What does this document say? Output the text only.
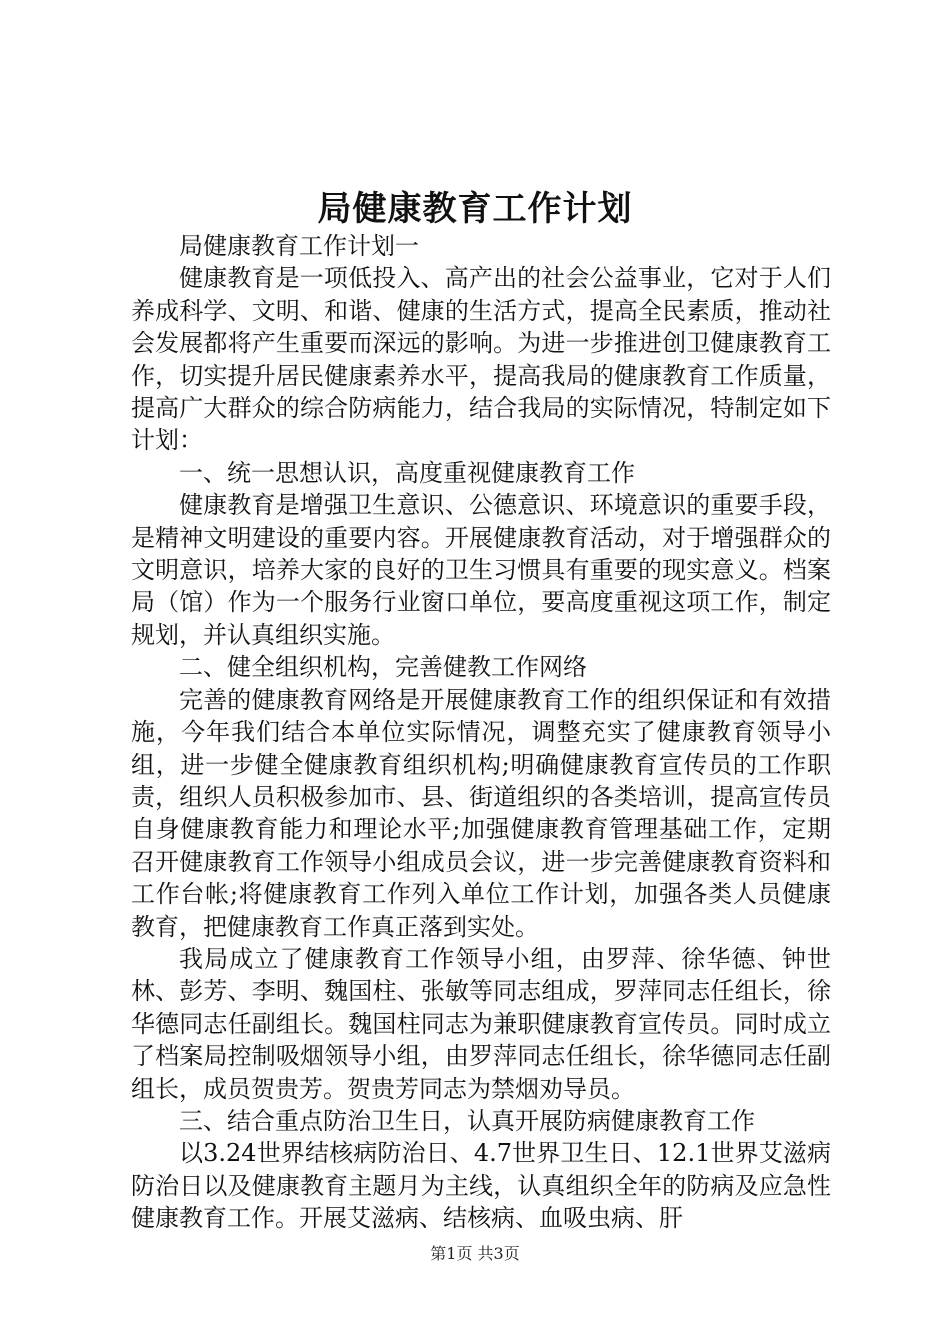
局健康教育工作计划

局健康教育工作计划一

健康教育是一项低投入、高产出的社会公益事业，它对于人们养成科学、文明、和谐、健康的生活方式，提高全民素质，推动社会发展都将产生重要而深远的影响。为进一步推进创卫健康教育工作，切实提升居民健康素养水平，提高我局的健康教育工作质量，提高广大群众的综合防病能力，结合我局的实际情况，特制定如下计划：

一、统一思想认识，高度重视健康教育工作

健康教育是增强卫生意识、公德意识、环境意识的重要手段，是精神文明建设的重要内容。开展健康教育活动，对于增强群众的文明意识，培养大家的良好的卫生习惯具有重要的现实意义。档案局（馆）作为一个服务行业窗口单位，要高度重视这项工作，制定规划，并认真组织实施。

二、健全组织机构，完善健教工作网络

完善的健康教育网络是开展健康教育工作的组织保证和有效措施，今年我们结合本单位实际情况，调整充实了健康教育领导小组，进一步健全健康教育组织机构;明确健康教育宣传员的工作职责，组织人员积极参加市、县、街道组织的各类培训，提高宣传员自身健康教育能力和理论水平;加强健康教育管理基础工作，定期召开健康教育工作领导小组成员会议，进一步完善健康教育资料和工作台帐;将健康教育工作列入单位工作计划，加强各类人员健康教育，把健康教育工作真正落到实处。

我局成立了健康教育工作领导小组，由罗萍、徐华德、钟世林、彭芳、李明、魏国柱、张敏等同志组成，罗萍同志任组长，徐华德同志任副组长。魏国柱同志为兼职健康教育宣传员。同时成立了档案局控制吸烟领导小组，由罗萍同志任组长，徐华德同志任副组长，成员贺贵芳。贺贵芳同志为禁烟劝导员。

三、结合重点防治卫生日，认真开展防病健康教育工作

以3.24世界结核病防治日、4.7世界卫生日、12.1世界艾滋病防治日以及健康教育主题月为主线，认真组织全年的防病及应急性健康教育工作。开展艾滋病、结核病、血吸虫病、肝

第1页 共3页
